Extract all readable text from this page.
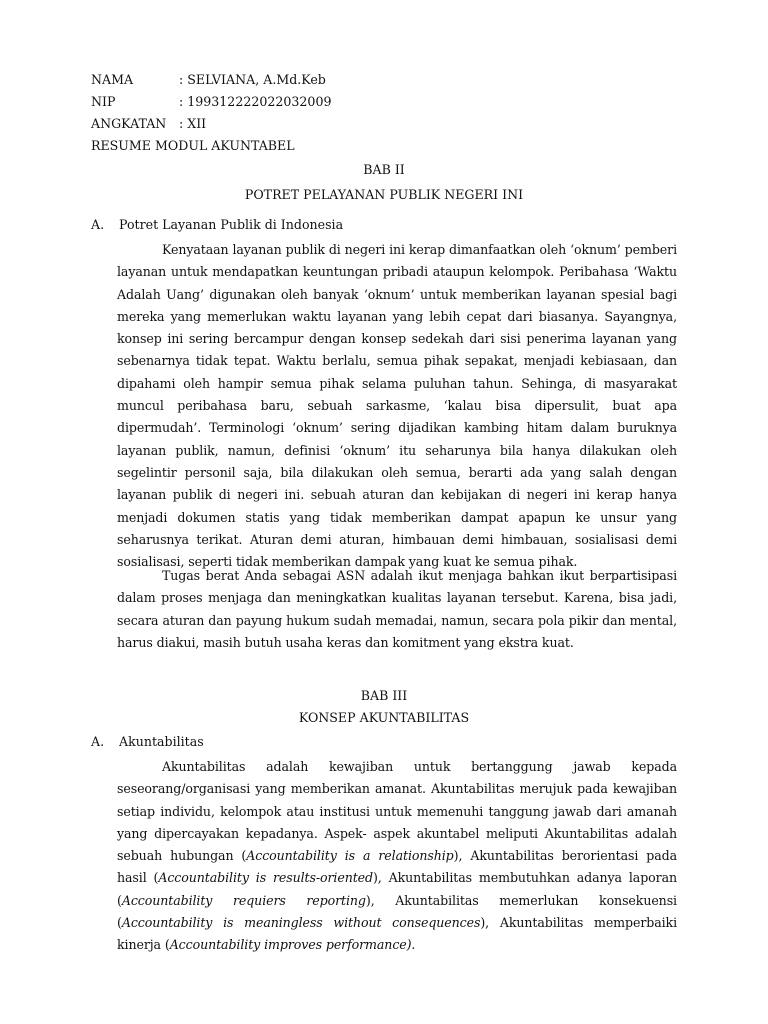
NAMA	: SELVIANA, A.Md.Keb
NIP	: 199312222022032009
ANGKATAN : XII
RESUME MODUL AKUNTABEL
BAB II
POTRET PELAYANAN PUBLIK NEGERI INI
A. Potret Layanan Publik di Indonesia

Kenyataan layanan publik di negeri ini kerap dimanfaatkan oleh ‘oknum’ pemberi layanan untuk mendapatkan keuntungan pribadi ataupun kelompok. Peribahasa ‘Waktu Adalah Uang’ digunakan oleh banyak ‘oknum’ untuk memberikan layanan spesial bagi mereka yang memerlukan waktu layanan yang lebih cepat dari biasanya. Sayangnya, konsep ini sering bercampur dengan konsep sedekah dari sisi penerima layanan yang sebenarnya tidak tepat. Waktu berlalu, semua pihak sepakat, menjadi kebiasaan, dan dipahami oleh hampir semua pihak selama puluhan tahun. Sehinga, di masyarakat muncul peribahasa baru, sebuah sarkasme, ‘kalau bisa dipersulit, buat apa dipermudah’. Terminologi ‘oknum’ sering dijadikan kambing hitam dalam buruknya layanan publik, namun, definisi ‘oknum’ itu seharunya bila hanya dilakukan oleh segelintir personil saja, bila dilakukan oleh semua, berarti ada yang salah dengan layanan publik di negeri ini. sebuah aturan dan kebijakan di negeri ini kerap hanya menjadi dokumen statis yang tidak memberikan dampat apapun ke unsur yang seharusnya terikat. Aturan demi aturan, himbauan demi himbauan, sosialisasi demi sosialisasi, seperti tidak memberikan dampak yang kuat ke semua pihak.

Tugas berat Anda sebagai ASN adalah ikut menjaga bahkan ikut berpartisipasi dalam proses menjaga dan meningkatkan kualitas layanan tersebut. Karena, bisa jadi, secara aturan dan payung hukum sudah memadai, namun, secara pola pikir dan mental, harus diakui, masih butuh usaha keras dan komitment yang ekstra kuat.

BAB III
KONSEP AKUNTABILITAS
A. Akuntabilitas

Akuntabilitas adalah kewajiban untuk bertanggung jawab kepada seseorang/organisasi yang memberikan amanat. Akuntabilitas merujuk pada kewajiban setiap individu, kelompok atau institusi untuk memenuhi tanggung jawab dari amanah yang dipercayakan kepadanya. Aspek- aspek akuntabel meliputi Akuntabilitas adalah sebuah hubungan (Accountability is a relationship), Akuntabilitas berorientasi pada hasil (Accountability is results-oriented), Akuntabilitas membutuhkan adanya laporan (Accountability requiers reporting), Akuntabilitas memerlukan konsekuensi (Accountability is meaningless without consequences), Akuntabilitas memperbaiki kinerja (Accountability improves performance).
